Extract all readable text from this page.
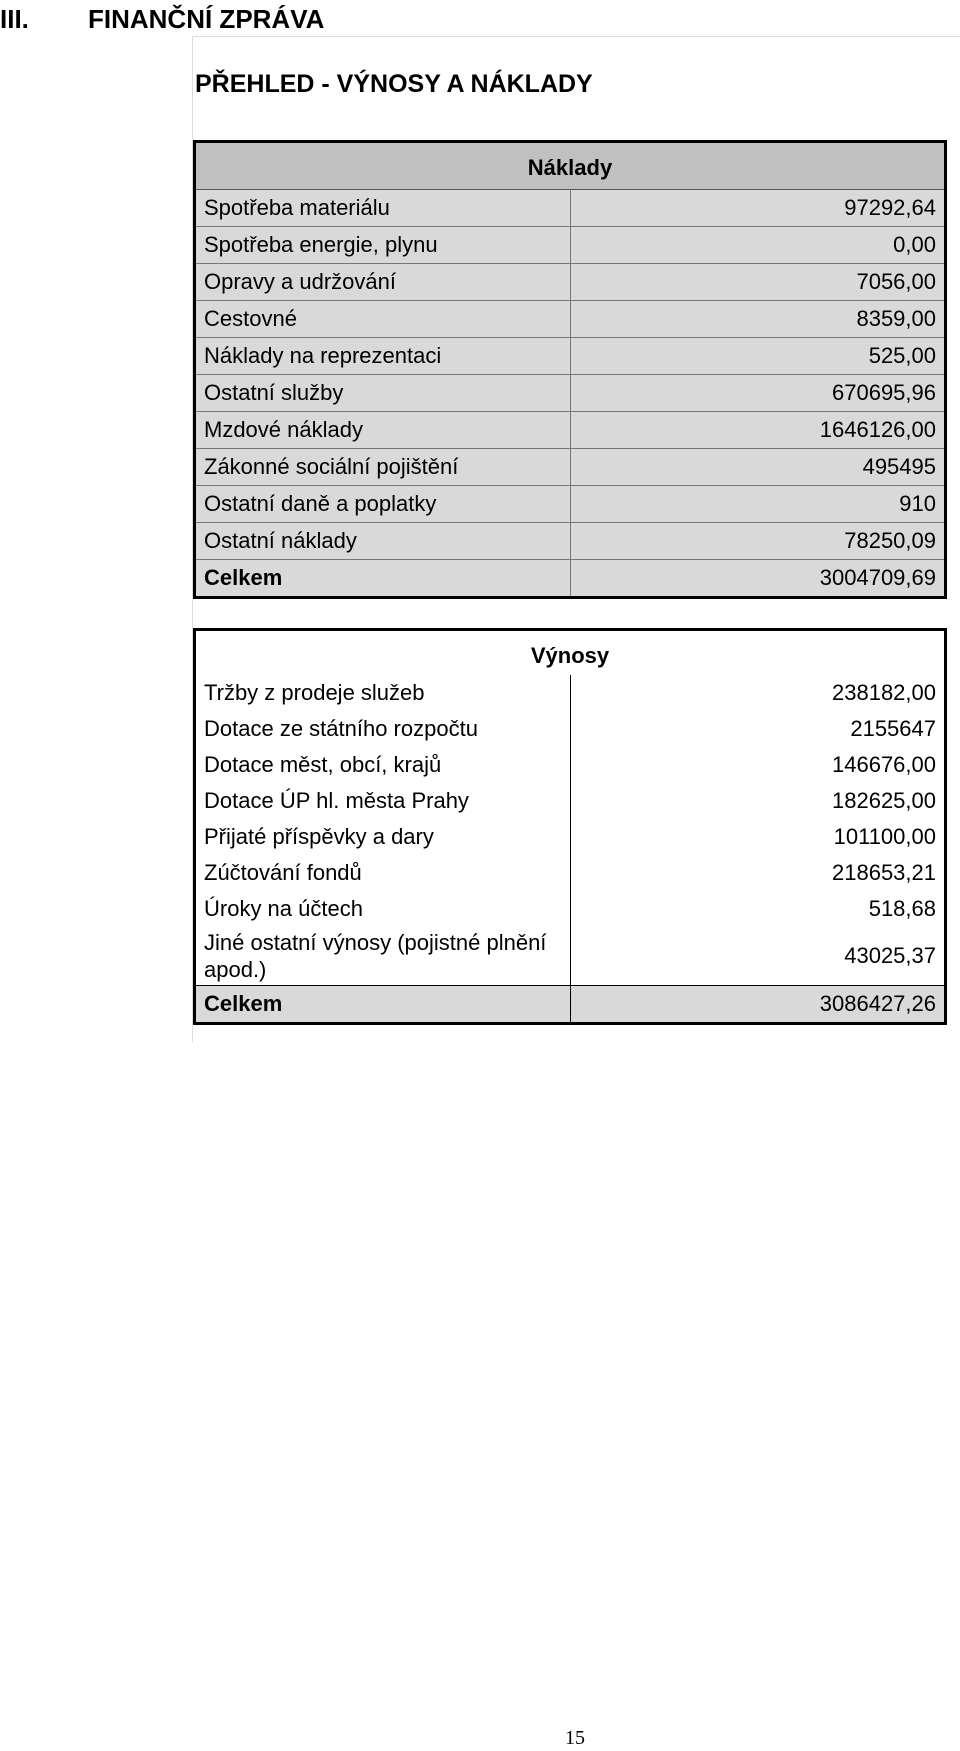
III. FINANČNÍ ZPRÁVA
PŘEHLED - VÝNOSY A NÁKLADY
Náklady	
Spotřeba materiálu	97292,64
Spotřeba energie, plynu	0,00
Opravy a udržování	7056,00
Cestovné	8359,00
Náklady na reprezentaci	525,00
Ostatní služby	670695,96
Mzdové náklady	1646126,00
Zákonné sociální pojištění	495495
Ostatní daně a poplatky	910
Ostatní náklady	78250,09
Celkem	3004709,69
Výnosy	
Tržby z prodeje služeb	238182,00
Dotace ze státního rozpočtu	2155647
Dotace měst, obcí, krajů	146676,00
Dotace ÚP hl. města Prahy	182625,00
Přijaté příspěvky a dary	101100,00
Zúčtování fondů	218653,21
Úroky na účtech	518,68
Jiné ostatní výnosy (pojistné plnění apod.)	43025,37
Celkem	3086427,26
15
